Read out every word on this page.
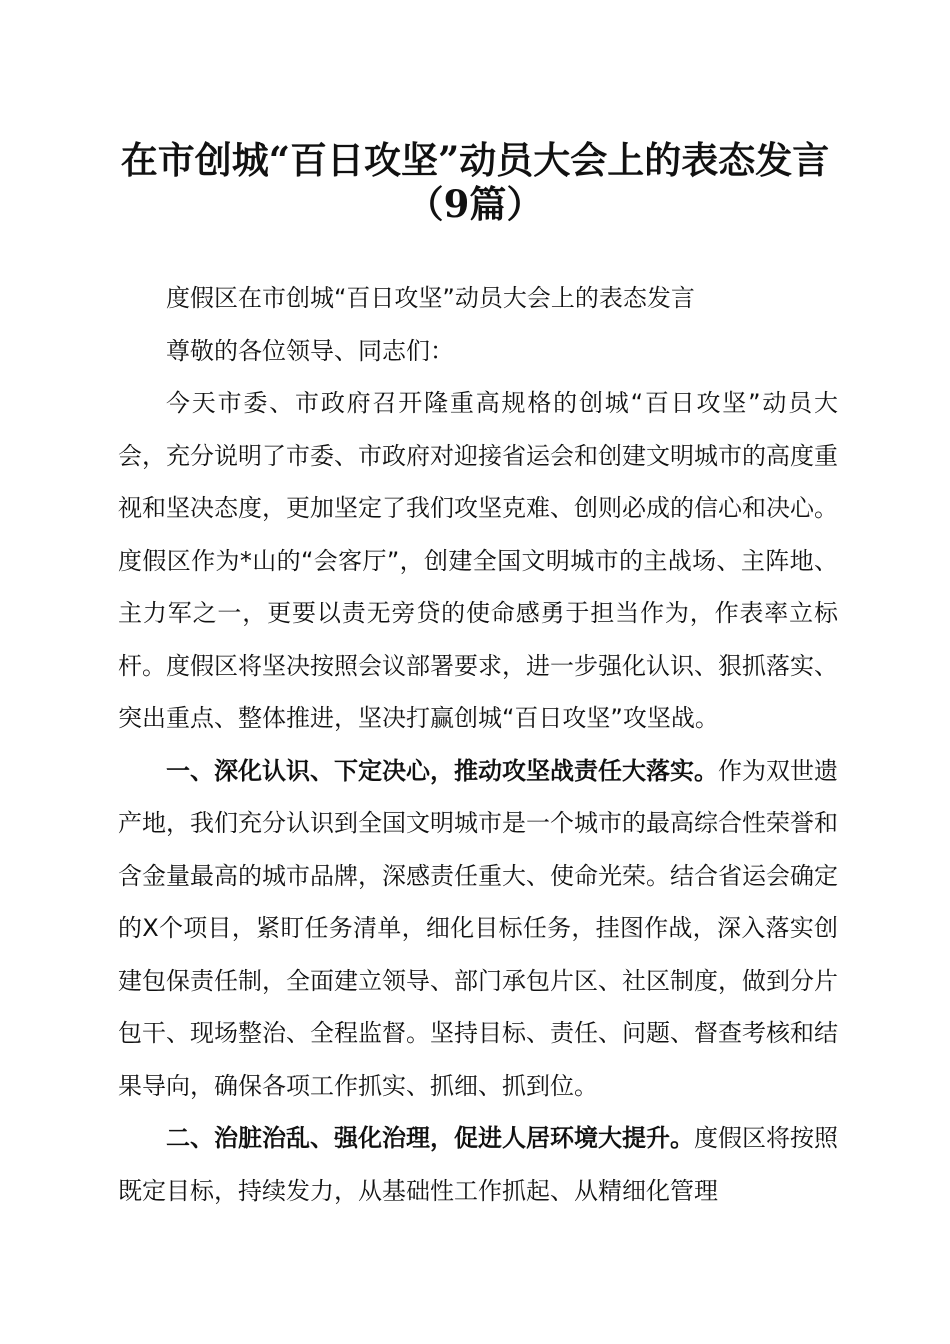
在市创城“百日攻坚”动员大会上的表态发言
（9篇）

度假区在市创城“百日攻坚”动员大会上的表态发言

尊敬的各位领导、同志们：

今天市委、市政府召开隆重高规格的创城“百日攻坚”动员大会，充分说明了市委、市政府对迎接省运会和创建文明城市的高度重视和坚决态度，更加坚定了我们攻坚克难、创则必成的信心和决心。度假区作为*山的“会客厅”，创建全国文明城市的主战场、主阵地、主力军之一，更要以责无旁贷的使命感勇于担当作为，作表率立标杆。度假区将坚决按照会议部署要求，进一步强化认识、狠抓落实、突出重点、整体推进，坚决打赢创城“百日攻坚”攻坚战。

一、深化认识、下定决心，推动攻坚战责任大落实。作为双世遗产地，我们充分认识到全国文明城市是一个城市的最高综合性荣誉和含金量最高的城市品牌，深感责任重大、使命光荣。结合省运会确定的X个项目，紧盯任务清单，细化目标任务，挂图作战，深入落实创建包保责任制，全面建立领导、部门承包片区、社区制度，做到分片包干、现场整治、全程监督。坚持目标、责任、问题、督查考核和结果导向，确保各项工作抓实、抓细、抓到位。

二、治脏治乱、强化治理，促进人居环境大提升。度假区将按照既定目标，持续发力，从基础性工作抓起、从精细化管理
